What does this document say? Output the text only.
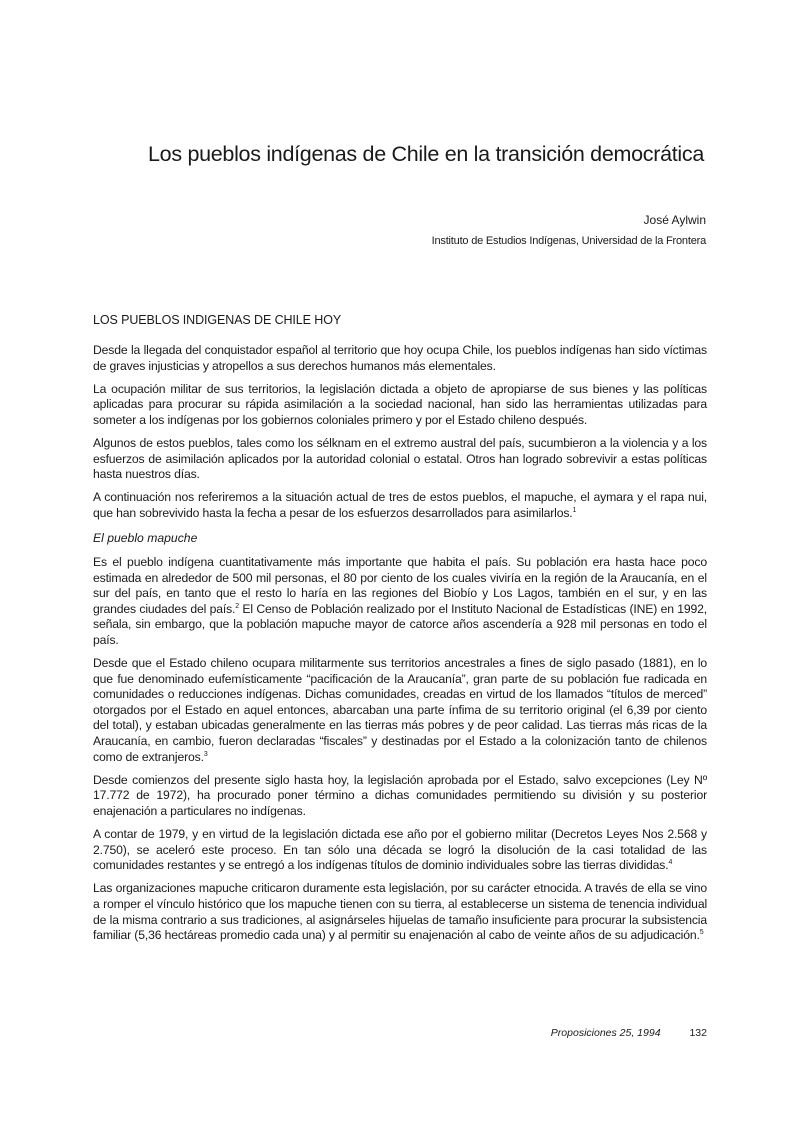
Los pueblos indígenas de Chile en la transición democrática
José Aylwin
Instituto de Estudios Indígenas, Universidad de la Frontera
LOS PUEBLOS INDIGENAS DE CHILE HOY

Desde la llegada del conquistador español al territorio que hoy ocupa Chile, los pueblos indígenas han sido víctimas de graves injusticias y atropellos a sus derechos humanos más elementales.

La ocupación militar de sus territorios, la legislación dictada a objeto de apropiarse de sus bienes y las políticas aplicadas para procurar su rápida asimilación a la sociedad nacional, han sido las herramientas utilizadas para someter a los indígenas por los gobiernos coloniales primero y por el Estado chileno después.

Algunos de estos pueblos, tales como los sélknam en el extremo austral del país, sucumbieron a la violencia y a los esfuerzos de asimilación aplicados por la autoridad colonial o estatal. Otros han logrado sobrevivir a estas políticas hasta nuestros días.

A continuación nos referiremos a la situación actual de tres de estos pueblos, el mapuche, el aymara y el rapa nui, que han sobrevivido hasta la fecha a pesar de los esfuerzos desarrollados para asimilarlos.$^1$

El pueblo mapuche

Es el pueblo indígena cuantitativamente más importante que habita el país. Su población era hasta hace poco estimada en alrededor de 500 mil personas, el 80 por ciento de los cuales viviría en la región de la Araucanía, en el sur del país, en tanto que el resto lo haría en las regiones del Biobío y Los Lagos, también en el sur, y en las grandes ciudades del país.$^2$ El Censo de Población realizado por el Instituto Nacional de Estadísticas (INE) en 1992, señala, sin embargo, que la población mapuche mayor de catorce años ascendería a 928 mil personas en todo el país.

Desde que el Estado chileno ocupara militarmente sus territorios ancestrales a fines de siglo pasado (1881), en lo que fue denominado eufemísticamente “pacificación de la Araucanía”, gran parte de su población fue radicada en comunidades o reducciones indígenas. Dichas comunidades, creadas en virtud de los llamados “títulos de merced” otorgados por el Estado en aquel entonces, abarcaban una parte ínfima de su territorio original (el 6,39 por ciento del total), y estaban ubicadas generalmente en las tierras más pobres y de peor calidad. Las tierras más ricas de la Araucanía, en cambio, fueron declaradas “fiscales” y destinadas por el Estado a la colonización tanto de chilenos como de extranjeros.$^3$

Desde comienzos del presente siglo hasta hoy, la legislación aprobada por el Estado, salvo excepciones (Ley Nº 17.772 de 1972), ha procurado poner término a dichas comunidades permitiendo su división y su posterior enajenación a particulares no indígenas.

A contar de 1979, y en virtud de la legislación dictada ese año por el gobierno militar (Decretos Leyes Nos 2.568 y 2.750), se aceleró este proceso. En tan sólo una década se logró la disolución de la casi totalidad de las comunidades restantes y se entregó a los indígenas títulos de dominio individuales sobre las tierras divididas.$^4$

Las organizaciones mapuche criticaron duramente esta legislación, por su carácter etnocida. A través de ella se vino a romper el vínculo histórico que los mapuche tienen con su tierra, al establecerse un sistema de tenencia individual de la misma contrario a sus tradiciones, al asignárseles hijuelas de tamaño insuficiente para procurar la subsistencia familiar (5,36 hectáreas promedio cada una) y al permitir su enajenación al cabo de veinte años de su adjudicación.$^5$

Proposiciones 25, 1994	132
